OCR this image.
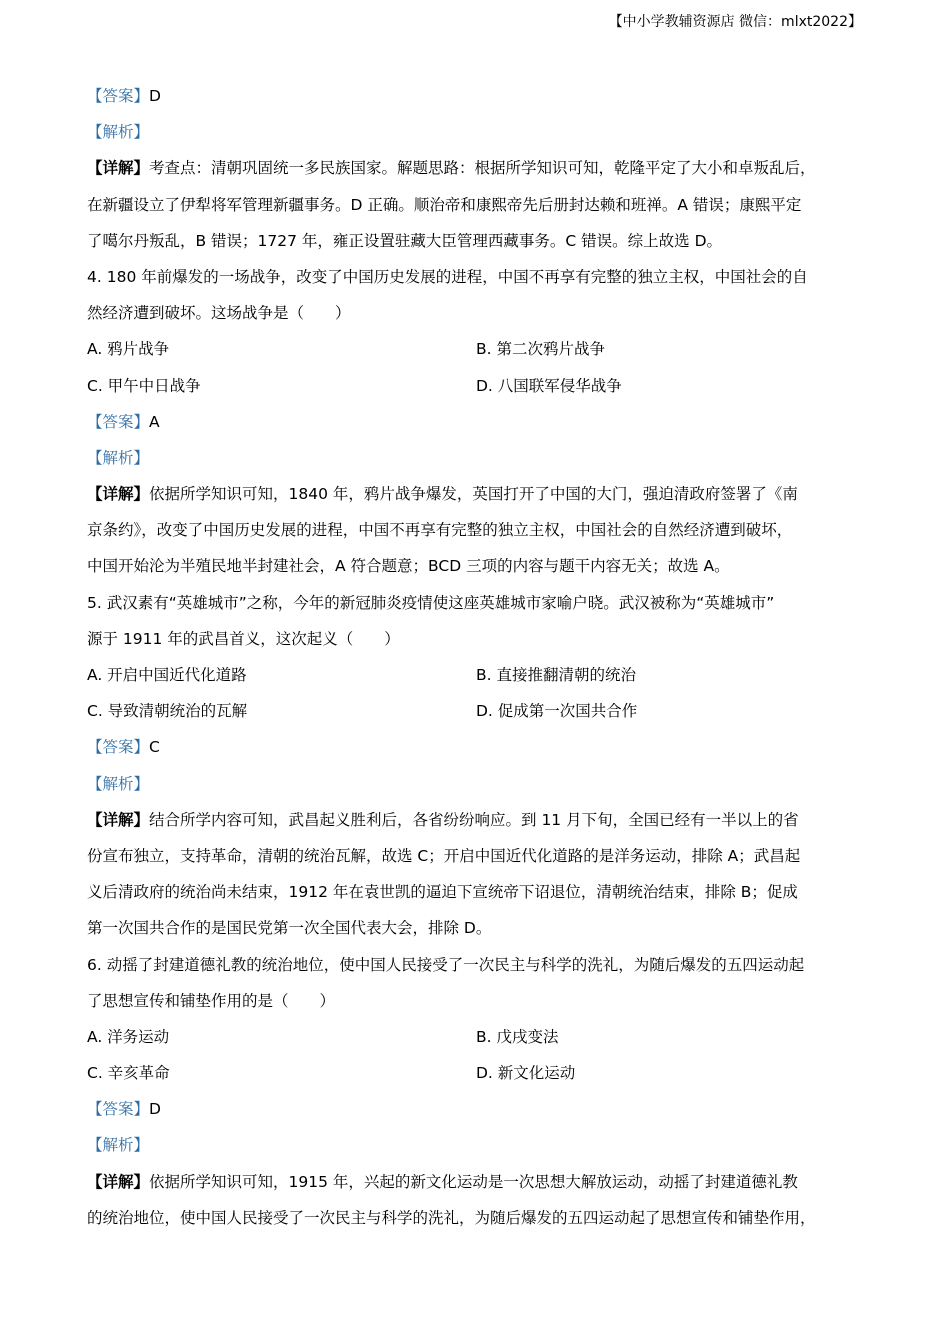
【中小学教辅资源店 微信：mlxt2022】
【答案】D
【解析】
【详解】考查点：清朝巩固统一多民族国家。解题思路：根据所学知识可知，乾隆平定了大小和卓叛乱后，
在新疆设立了伊犁将军管理新疆事务。D 正确。顺治帝和康熙帝先后册封达赖和班禅。A 错误；康熙平定
了噶尔丹叛乱，B 错误；1727 年，雍正设置驻藏大臣管理西藏事务。C 错误。综上故选 D。
4. 180 年前爆发的一场战争，改变了中国历史发展的进程，中国不再享有完整的独立主权，中国社会的自
然经济遭到破坏。这场战争是（　　）
A. 鸦片战争	B. 第二次鸦片战争
C. 甲午中日战争	D. 八国联军侵华战争
【答案】A
【解析】
【详解】依据所学知识可知，1840 年，鸦片战争爆发，英国打开了中国的大门，强迫清政府签署了《南
京条约》，改变了中国历史发展的进程，中国不再享有完整的独立主权，中国社会的自然经济遭到破坏，
中国开始沦为半殖民地半封建社会，A 符合题意；BCD 三项的内容与题干内容无关；故选 A。
5. 武汉素有“英雄城市”之称，今年的新冠肺炎疫情使这座英雄城市家喻户晓。武汉被称为“英雄城市”
源于 1911 年的武昌首义，这次起义（　　）
A. 开启中国近代化道路	B. 直接推翻清朝的统治
C. 导致清朝统治的瓦解	D. 促成第一次国共合作
【答案】C
【解析】
【详解】结合所学内容可知，武昌起义胜利后，各省纷纷响应。到 11 月下旬，全国已经有一半以上的省
份宣布独立，支持革命，清朝的统治瓦解，故选 C；开启中国近代化道路的是洋务运动，排除 A；武昌起
义后清政府的统治尚未结束，1912 年在袁世凯的逼迫下宣统帝下诏退位，清朝统治结束，排除 B；促成
第一次国共合作的是国民党第一次全国代表大会，排除 D。
6. 动摇了封建道德礼教的统治地位，使中国人民接受了一次民主与科学的洗礼，为随后爆发的五四运动起
了思想宣传和铺垫作用的是（　　）
A. 洋务运动	B. 戊戌变法
C. 辛亥革命	D. 新文化运动
【答案】D
【解析】
【详解】依据所学知识可知，1915 年，兴起的新文化运动是一次思想大解放运动，动摇了封建道德礼教
的统治地位，使中国人民接受了一次民主与科学的洗礼，为随后爆发的五四运动起了思想宣传和铺垫作用，
